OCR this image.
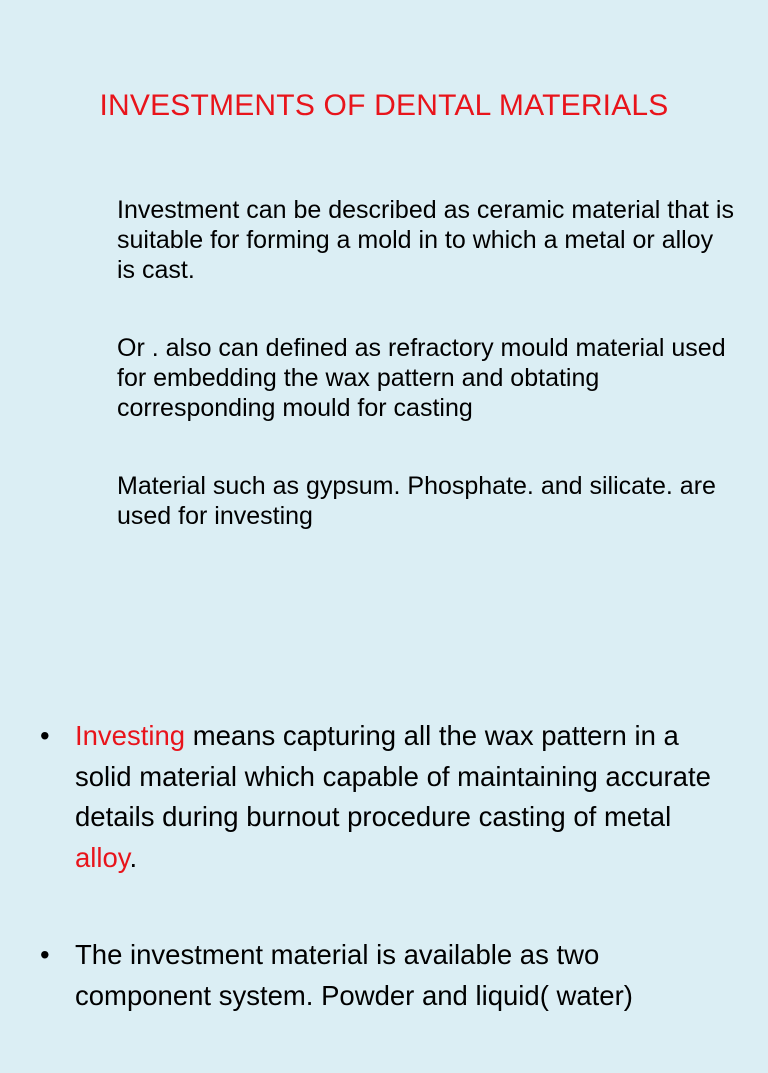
INVESTMENTS OF DENTAL MATERIALS

Investment can be described as ceramic material that is suitable for forming a mold in to which a metal or alloy is cast.

Or . also can defined as refractory mould material used for embedding the wax pattern and obtating corresponding mould for casting

Material such as gypsum. Phosphate. and silicate. are used for investing

• Investing means capturing all the wax pattern in a solid material which capable of maintaining accurate details during burnout procedure casting of metal alloy.
• The investment material is available as two component system. Powder and liquid( water)
